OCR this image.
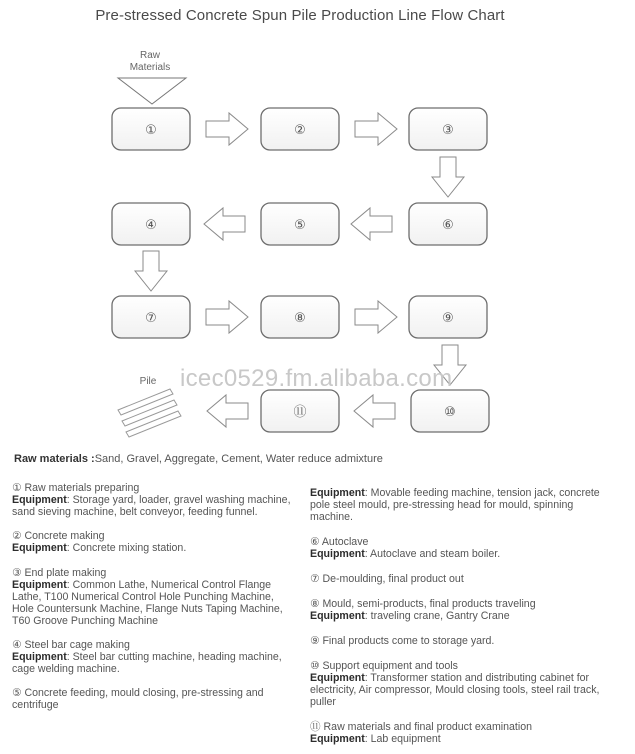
Pre-stressed Concrete Spun Pile Production Line Flow Chart
Raw
Materials
①	②	③
④	⑤	⑥
⑦	⑧	⑨
⑪	⑩
Pile icec0529.fm.alibaba.com
Raw materials :Sand, Gravel, Aggregate, Cement, Water reduce admixture

① Raw materials preparing
Equipment: Storage yard, loader, gravel washing machine, sand sieving machine, belt conveyor, feeding funnel.

② Concrete making
Equipment: Concrete mixing station.

③ End plate making
Equipment: Common Lathe, Numerical Control Flange Lathe, T100 Numerical Control Hole Punching Machine, Hole Countersunk Machine, Flange Nuts Taping Machine, T60 Groove Punching Machine

④ Steel bar cage making
Equipment: Steel bar cutting machine, heading machine, cage welding machine.

⑤ Concrete feeding, mould closing, pre-stressing and centrifuge

Equipment: Movable feeding machine, tension jack, concrete pole steel mould, pre-stressing head for mould, spinning machine.

⑥ Autoclave
Equipment: Autoclave and steam boiler.

⑦ De-moulding, final product out

⑧ Mould, semi-products, final products traveling
Equipment: traveling crane, Gantry Crane

⑨ Final products come to storage yard.

⑩ Support equipment and tools
Equipment: Transformer station and distributing cabinet for electricity, Air compressor, Mould closing tools, steel rail track, puller

⑪ Raw materials and final product examination
Equipment: Lab equipment
